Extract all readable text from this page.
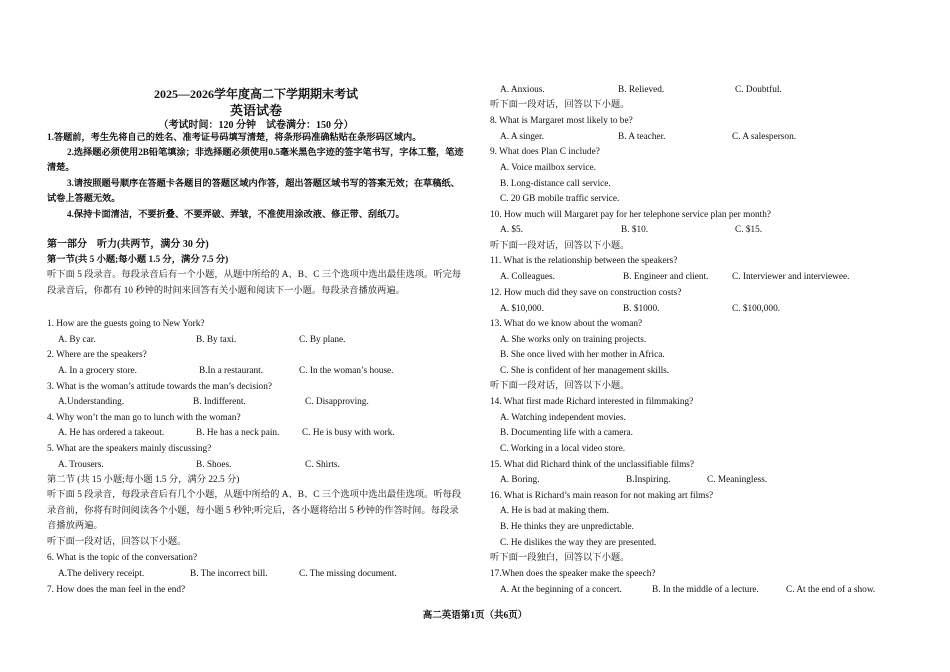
2025—2026学年度高二下学期期末考试
英语试卷
（考试时间：120 分钟　试卷满分：150 分）
1.答题前，考生先将自己的姓名、准考证号码填写清楚，将条形码准确粘贴在条形码区域内。
2.选择题必须使用2B铅笔填涂；非选择题必须使用0.5毫米黑色字迹的签字笔书写，字体工整，笔迹清楚。
3.请按照题号顺序在答题卡各题目的答题区域内作答，超出答题区域书写的答案无效；在草稿纸、试卷上答题无效。
4.保持卡面清洁，不要折叠、不要弄破、弄皱，不准使用涂改液、修正带、刮纸刀。
第一部分　听力(共两节，满分 30 分)
第一节(共 5 小题;每小题 1.5 分，满分 7.5 分)
听下面 5 段录音。每段录音后有一个小题，从题中所给的 A、B、C 三个选项中选出最佳选项。听完每段录音后，你都有 10 秒钟的时间来回答有关小题和阅读下一小题。每段录音播放两遍。
1. How are the guests going to New York?
A. By car.	B. By taxi.	C. By plane.
2. Where are the speakers?
A. In a grocery store.	B.In a restaurant.	C. In the woman’s house.
3. What is the woman’s attitude towards the man’s decision?
A.Understanding.	B. Indifferent.	C. Disapproving.
4. Why won’t the man go to lunch with the woman?
A. He has ordered a takeout.	B. He has a neck pain. C. He is busy with work.
5. What are the speakers mainly discussing?
A. Trousers.	B. Shoes.	C. Shirts.
第二节 (共 15 小题;每小题 1.5 分，满分 22.5 分)
听下面 5 段录音，每段录音后有几个小题，从题中所给的 A、B、C 三个选项中选出最佳选项。听每段录音前，你将有时间阅读各个小题，每小题 5 秒钟;听完后，各小题将给出 5 秒钟的作答时间。每段录音播放两遍。
听下面一段对话，回答以下小题。
6. What is the topic of the conversation?
A.The delivery receipt.	B. The incorrect bill.	C. The missing document.
7. How does the man feel in the end?
A. Anxious.	B. Relieved.	C. Doubtful.
听下面一段对话，回答以下小题。
8. What is Margaret most likely to be?
A. A singer.	B. A teacher.	C. A salesperson.
9. What does Plan C include?
A. Voice mailbox service.
B. Long-distance call service.
C. 20 GB mobile traffic service.
10. How much will Margaret pay for her telephone service plan per month?
A. $5.	B. $10.	C. $15.
听下面一段对话，回答以下小题。
11. What is the relationship between the speakers?
A. Colleagues.	B. Engineer and client.	C. Interviewer and interviewee.
12. How much did they save on construction costs?
A. $10,000.	B. $1000.	C. $100,000.
13. What do we know about the woman?
A. She works only on training projects.
B. She once lived with her mother in Africa.
C. She is confident of her management skills.
听下面一段对话，回答以下小题。
14. What first made Richard interested in filmmaking?
A. Watching independent movies.
B. Documenting life with a camera.
C. Working in a local video store.
15. What did Richard think of the unclassifiable films?
A. Boring.	B.Inspiring.	C. Meaningless.
16. What is Richard’s main reason for not making art films?
A. He is bad at making them.
B. He thinks they are unpredictable.
C. He dislikes the way they are presented.
听下面一段独白，回答以下小题。
17.When does the speaker make the speech?
A. At the beginning of a concert.	B. In the middle of a lecture.	C. At the end of a show.
高二英语第1页（共6页）
